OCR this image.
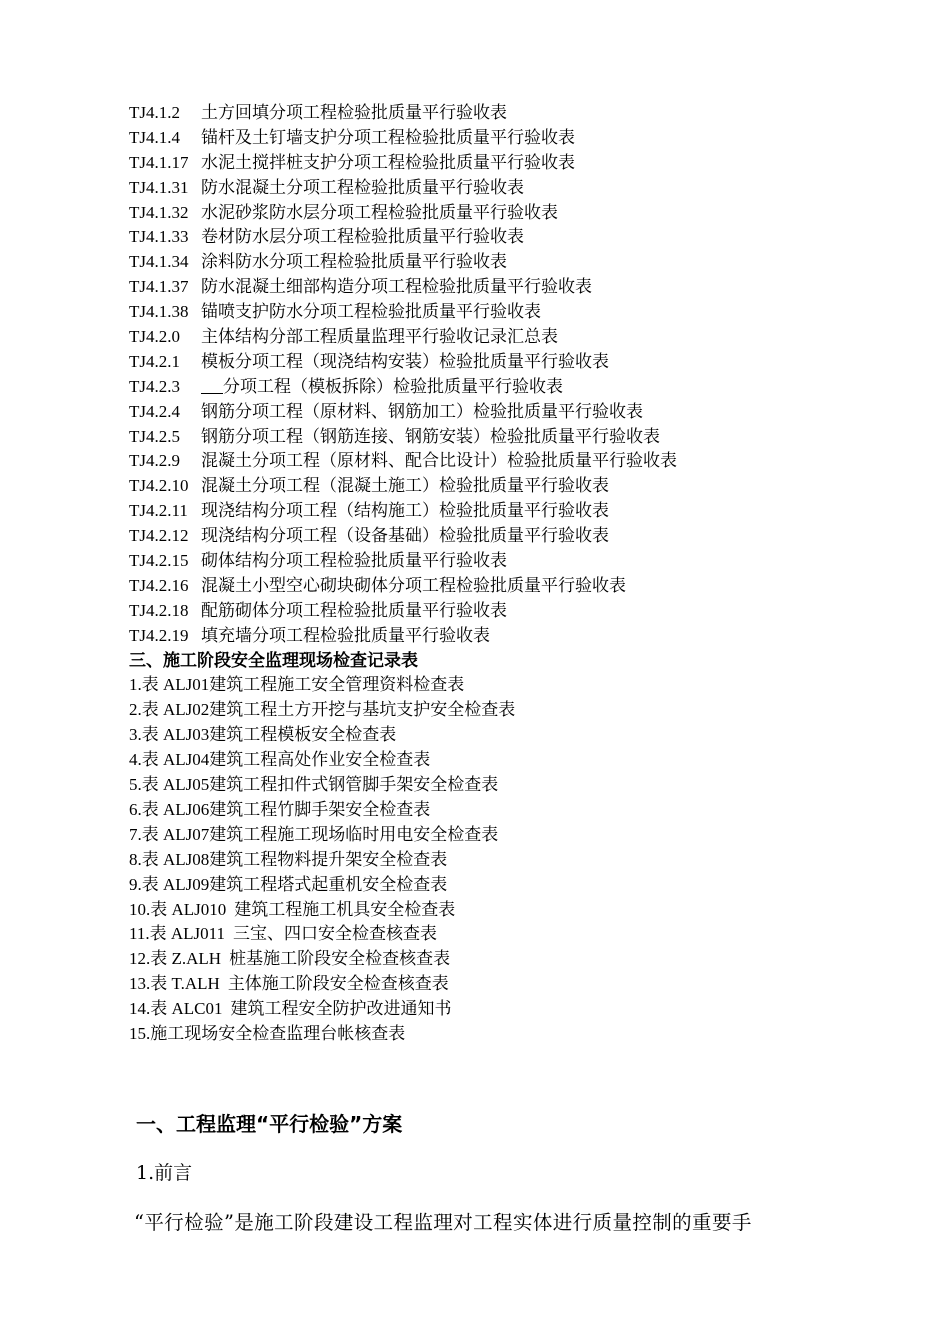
TJ4.1.2 土方回填分项工程检验批质量平行验收表
TJ4.1.4 锚杆及土钉墙支护分项工程检验批质量平行验收表
TJ4.1.17 水泥土搅拌桩支护分项工程检验批质量平行验收表
TJ4.1.31 防水混凝土分项工程检验批质量平行验收表
TJ4.1.32 水泥砂浆防水层分项工程检验批质量平行验收表
TJ4.1.33 卷材防水层分项工程检验批质量平行验收表
TJ4.1.34 涂料防水分项工程检验批质量平行验收表
TJ4.1.37 防水混凝土细部构造分项工程检验批质量平行验收表
TJ4.1.38 锚喷支护防水分项工程检验批质量平行验收表
TJ4.2.0 主体结构分部工程质量监理平行验收记录汇总表
TJ4.2.1 模板分项工程（现浇结构安装）检验批质量平行验收表
TJ4.2.3	分项工程（模板拆除）检验批质量平行验收表
TJ4.2.4 钢筋分项工程（原材料、钢筋加工）检验批质量平行验收表
TJ4.2.5 钢筋分项工程（钢筋连接、钢筋安装）检验批质量平行验收表
TJ4.2.9 混凝土分项工程（原材料、配合比设计）检验批质量平行验收表
TJ4.2.10 混凝土分项工程（混凝土施工）检验批质量平行验收表
TJ4.2.11 现浇结构分项工程（结构施工）检验批质量平行验收表
TJ4.2.12 现浇结构分项工程（设备基础）检验批质量平行验收表
TJ4.2.15 砌体结构分项工程检验批质量平行验收表
TJ4.2.16 混凝土小型空心砌块砌体分项工程检验批质量平行验收表
TJ4.2.18 配筋砌体分项工程检验批质量平行验收表
TJ4.2.19 填充墙分项工程检验批质量平行验收表
三、施工阶段安全监理现场检查记录表
1.表 ALJ01建筑工程施工安全管理资料检查表
2.表 ALJ02建筑工程土方开挖与基坑支护安全检查表
3.表 ALJ03建筑工程模板安全检查表
4.表 ALJ04建筑工程高处作业安全检查表
5.表 ALJ05建筑工程扣件式钢管脚手架安全检查表
6.表 ALJ06建筑工程竹脚手架安全检查表
7.表 ALJ07建筑工程施工现场临时用电安全检查表
8.表 ALJ08建筑工程物料提升架安全检查表
9.表 ALJ09建筑工程塔式起重机安全检查表
10.表 ALJ010 建筑工程施工机具安全检查表
11.表 ALJ011 三宝、四口安全检查核查表
12.表 Z.ALH 桩基施工阶段安全检查核查表
13.表 T.ALH 主体施工阶段安全检查核查表
14.表 ALC01 建筑工程安全防护改进通知书
15.施工现场安全检查监理台帐核查表
一、工程监理“平行检验”方案
1.前言
“平行检验”是施工阶段建设工程监理对工程实体进行质量控制的重要手
